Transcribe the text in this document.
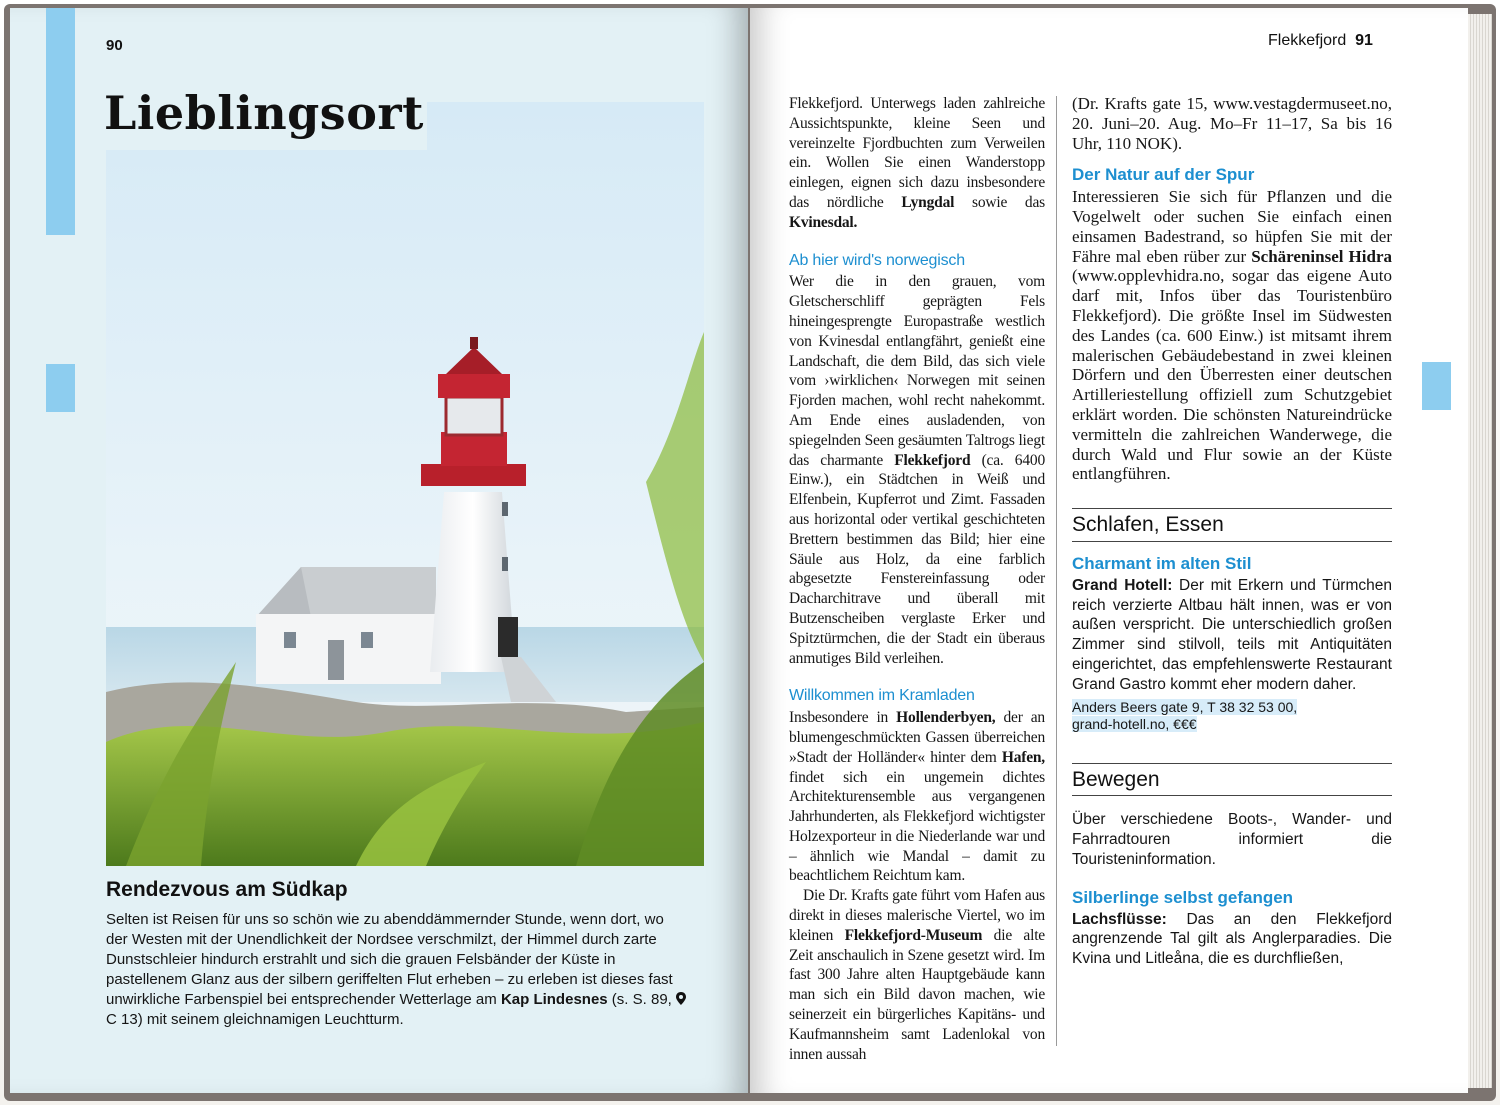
90
Lieblingsort
Rendezvous am Südkap
Selten ist Reisen für uns so schön wie zu abenddämmernder Stunde, wenn dort, wo der Westen mit der Unendlichkeit der Nordsee verschmilzt, der Himmel durch zarte Dunstschleier hindurch erstrahlt und sich die grauen Felsbänder der Küste in pastellenem Glanz aus der silbern geriffelten Flut erheben – zu erleben ist dieses fast unwirkliche Farbenspiel bei entsprechender Wetterlage am Kap Lindesnes (s. S. 89,  C 13) mit seinem gleichnamigen Leuchtturm.
Flekkefjord 91

Flekkefjord. Unterwegs laden zahlreiche Aussichtspunkte, kleine Seen und vereinzelte Fjordbuchten zum Verweilen ein. Wollen Sie einen Wanderstopp einlegen, eignen sich dazu insbesondere das nördliche Lyngdal sowie das Kvinesdal.

Ab hier wird's norwegisch

Wer die in den grauen, vom Gletscherschliff geprägten Fels hineingesprengte Europastraße westlich von Kvinesdal entlangfährt, genießt eine Landschaft, die dem Bild, das sich viele vom ›wirklichen‹ Norwegen mit seinen Fjorden machen, wohl recht nahekommt. Am Ende eines ausladenden, von spiegelnden Seen gesäumten Taltrogs liegt das charmante Flekkefjord (ca. 6400 Einw.), ein Städtchen in Weiß und Elfenbein, Kupferrot und Zimt. Fassaden aus horizontal oder vertikal geschichteten Brettern bestimmen das Bild; hier eine Säule aus Holz, da eine farblich abgesetzte Fenstereinfassung oder Dacharchitrave und überall mit Butzenscheiben verglaste Erker und Spitztürmchen, die der Stadt ein überaus anmutiges Bild verleihen.

Willkommen im Kramladen

Insbesondere in Hollenderbyen, der an blumengeschmückten Gassen überreichen »Stadt der Holländer« hinter dem Hafen, findet sich ein ungemein dichtes Architekturensemble aus vergangenen Jahrhunderten, als Flekkefjord wichtigster Holzexporteur in die Niederlande war und – ähnlich wie Mandal – damit zu beachtlichem Reichtum kam.

Die Dr. Krafts gate führt vom Hafen aus direkt in dieses malerische Viertel, wo im kleinen Flekkefjord-Museum die alte Zeit anschaulich in Szene gesetzt wird. Im fast 300 Jahre alten Hauptgebäude kann man sich ein Bild davon machen, wie seinerzeit ein bürgerliches Kapitäns- und Kaufmannsheim samt Ladenlokal von innen aussah

(Dr. Krafts gate 15, www.vestagdermuseet.no, 20. Juni–20. Aug. Mo–Fr 11–17, Sa bis 16 Uhr, 110 NOK).

Der Natur auf der Spur

Interessieren Sie sich für Pflanzen und die Vogelwelt oder suchen Sie einfach einen einsamen Badestrand, so hüpfen Sie mit der Fähre mal eben rüber zur Schäreninsel Hidra (www.opplevhidra.no, sogar das eigene Auto darf mit, Infos über das Touristenbüro Flekkefjord). Die größte Insel im Südwesten des Landes (ca. 600 Einw.) ist mitsamt ihrem malerischen Gebäudebestand in zwei kleinen Dörfern und den Überresten einer deutschen Artilleriestellung offiziell zum Schutzgebiet erklärt worden. Die schönsten Natureindrücke vermitteln die zahlreichen Wanderwege, die durch Wald und Flur sowie an der Küste entlangführen.

Schlafen, Essen
Charmant im alten Stil

Grand Hotell: Der mit Erkern und Türmchen reich verzierte Altbau hält innen, was er von außen verspricht. Die unterschiedlich großen Zimmer sind stilvoll, teils mit Antiquitäten eingerichtet, das empfehlenswerte Restaurant Grand Gastro kommt eher modern daher.

Anders Beers gate 9, T 38 32 53 00,
grand-hotell.no, €€€
Bewegen

Über verschiedene Boots-, Wander- und Fahrradtouren informiert die Touristeninformation.

Silberlinge selbst gefangen

Lachsflüsse: Das an den Flekkefjord angrenzende Tal gilt als Anglerparadies. Die Kvina und Litleåna, die es durchfließen,
